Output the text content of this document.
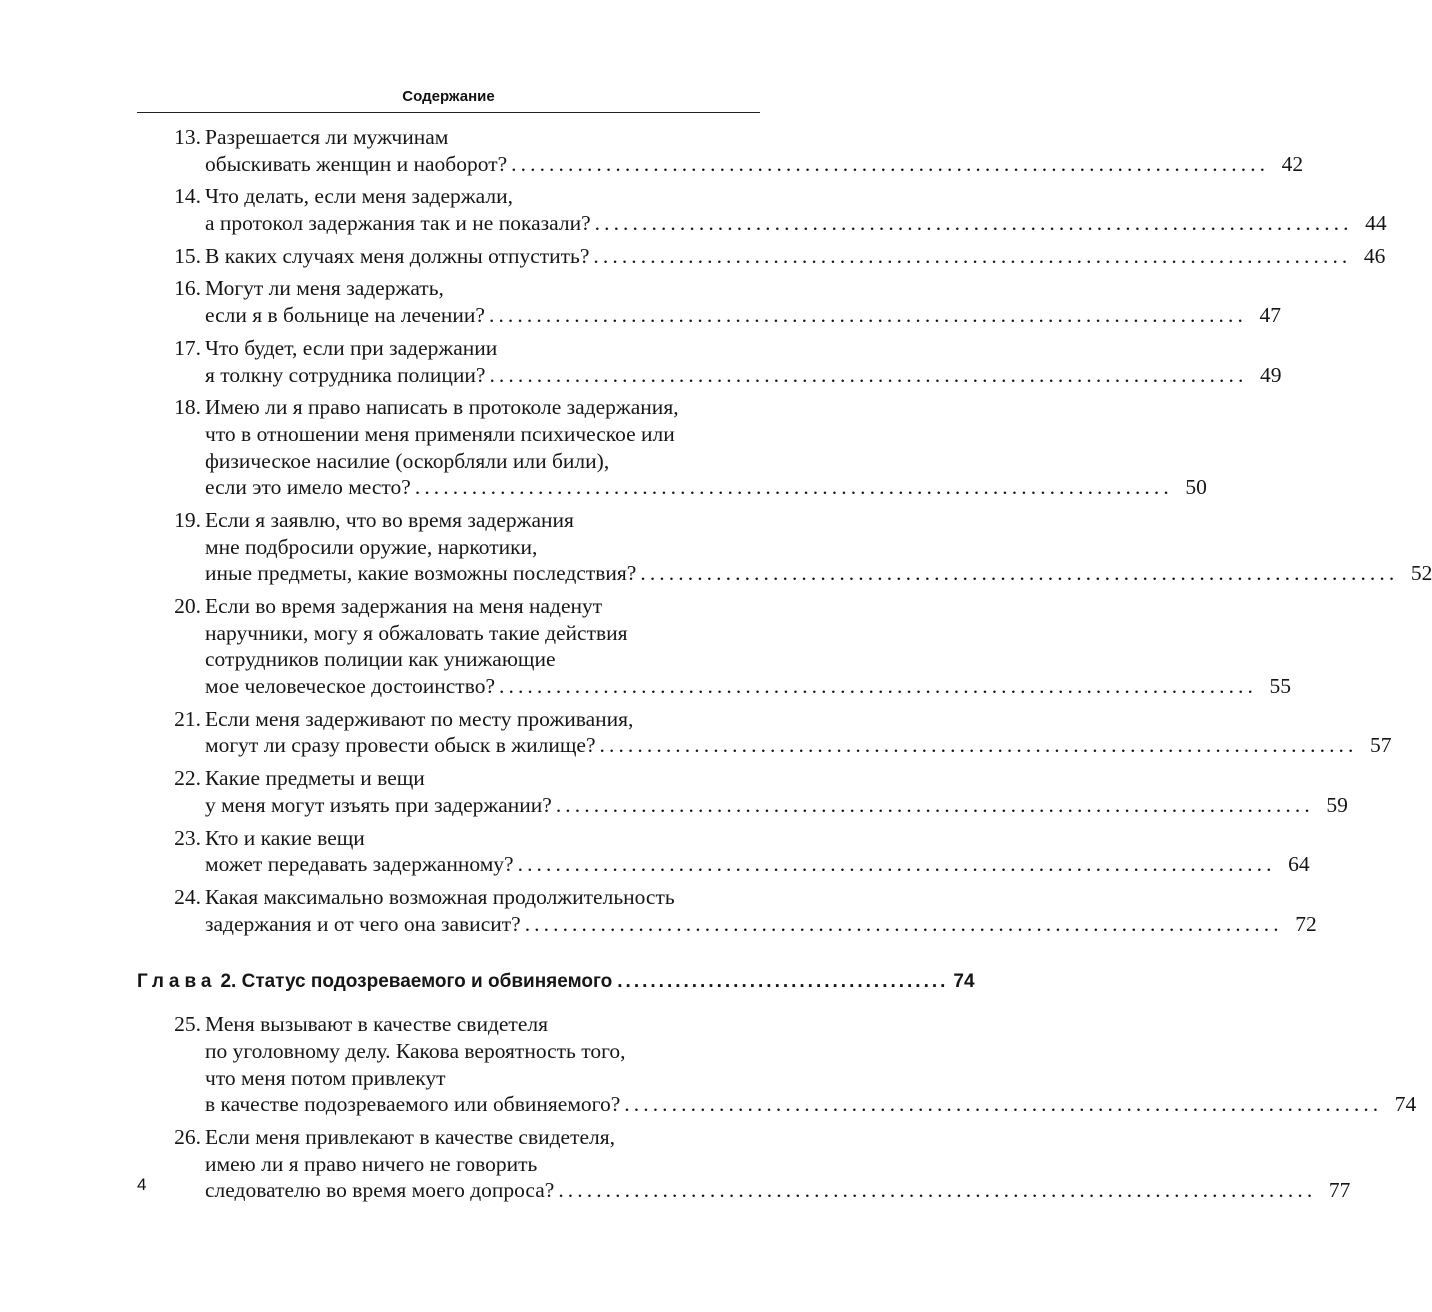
Содержание
13. Разрешается ли мужчинам
обыскивать женщин и наоборот? ................................................................................ 42
14. Что делать, если меня задержали,
а протокол задержания так и не показали? ................................................................................ 44
15. В каких случаях меня должны отпустить? ................................................................................ 46
16. Могут ли меня задержать,
если я в больнице на лечении? ................................................................................ 47
17. Что будет, если при задержании
я толкну сотрудника полиции? ................................................................................ 49
18. Имею ли я право написать в протоколе задержания,
что в отношении меня применяли психическое или
физическое насилие (оскорбляли или били),
если это имело место? ................................................................................ 50
19. Если я заявлю, что во время задержания
мне подбросили оружие, наркотики,
иные предметы, какие возможны последствия? ................................................................................ 52
20. Если во время задержания на меня наденут
наручники, могу я обжаловать такие действия
сотрудников полиции как унижающие
мое человеческое достоинство? ................................................................................ 55
21. Если меня задерживают по месту проживания,
могут ли сразу провести обыск в жилище? ................................................................................ 57
22. Какие предметы и вещи
у меня могут изъять при задержании? ................................................................................ 59
23. Кто и какие вещи
может передавать задержанному? ................................................................................ 64
24. Какая максимально возможная продолжительность
задержания и от чего она зависит? ................................................................................ 72
Глава 2. Статус подозреваемого и обвиняемого ........................................ 74
25. Меня вызывают в качестве свидетеля
по уголовному делу. Какова вероятность того,
что меня потом привлекут
в качестве подозреваемого или обвиняемого? ................................................................................ 74
26. Если меня привлекают в качестве свидетеля,
имею ли я право ничего не говорить
следователю во время моего допроса? ................................................................................ 77
4
